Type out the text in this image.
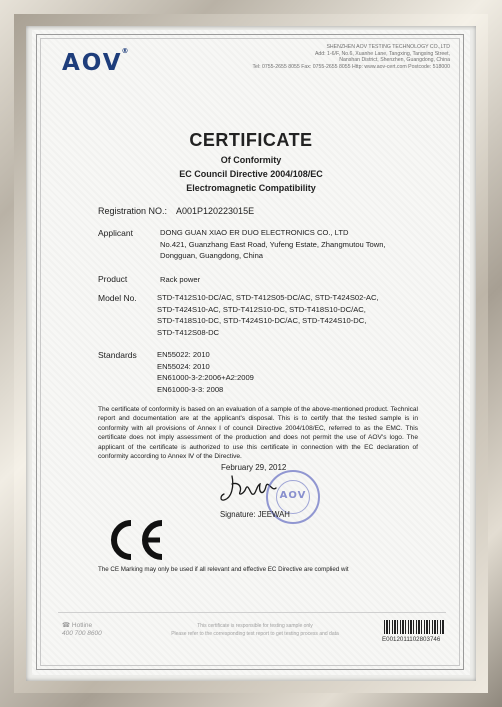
AOV®
SHENZHEN AOV TESTING TECHNOLOGY CO.,LTD
Add: 1-6/F, No.6, Xuanhe Lane, Tangxing, Tangxing Street,
Nanshan District, Shenzhen, Guangdong, China
Tel: 0755-2655 8055 Fax: 0755-2655 8055 Http: www.aov-cert.com Postcode: 518000
CERTIFICATE
Of Conformity
EC Council Directive 2004/108/EC
Electromagnetic Compatibility
Registration NO.: A001P120223015E
Applicant	DONG GUAN XIAO ER DUO ELECTRONICS CO., LTD
No.421, Guanzhang East Road, Yufeng Estate, Zhangmutou Town,
Dongguan, Guangdong, China
Product	Rack power
Model No.	STD-T412S10-DC/AC, STD-T412S05-DC/AC, STD-T424S02-AC,
STD-T424S10-AC, STD-T412S10-DC, STD-T418S10-DC/AC,
STD-T418S10-DC, STD-T424S10-DC/AC, STD-T424S10-DC,
STD-T412S08-DC
Standards	EN55022: 2010
EN55024: 2010
EN61000-3-2:2006+A2:2009
EN61000-3-3: 2008
The certificate of conformity is based on an evaluation of a sample of the above-mentioned product. Technical report and documentation are at the applicant's disposal. This is to certify that the tested sample is in conformity with all provisions of Annex I of council Directive 2004/108/EC, referred to as the EMC. This certificate does not imply assessment of the production and does not permit the use of AOV's logo. The applicant of the certificate is authorized to use this certificate in connection with the EC declaration of conformity according to Annex Ⅳ of the Directive.
February 29, 2012
AOV
Signature: JEEWAH
The CE Marking may only be used if all relevant and effective EC Directive are complied wit
☎ Hotline
400 700 8600
This certificate is responsible for testing sample only
Please refer to the corresponding test report to get testing process and data
E0012011102803746
